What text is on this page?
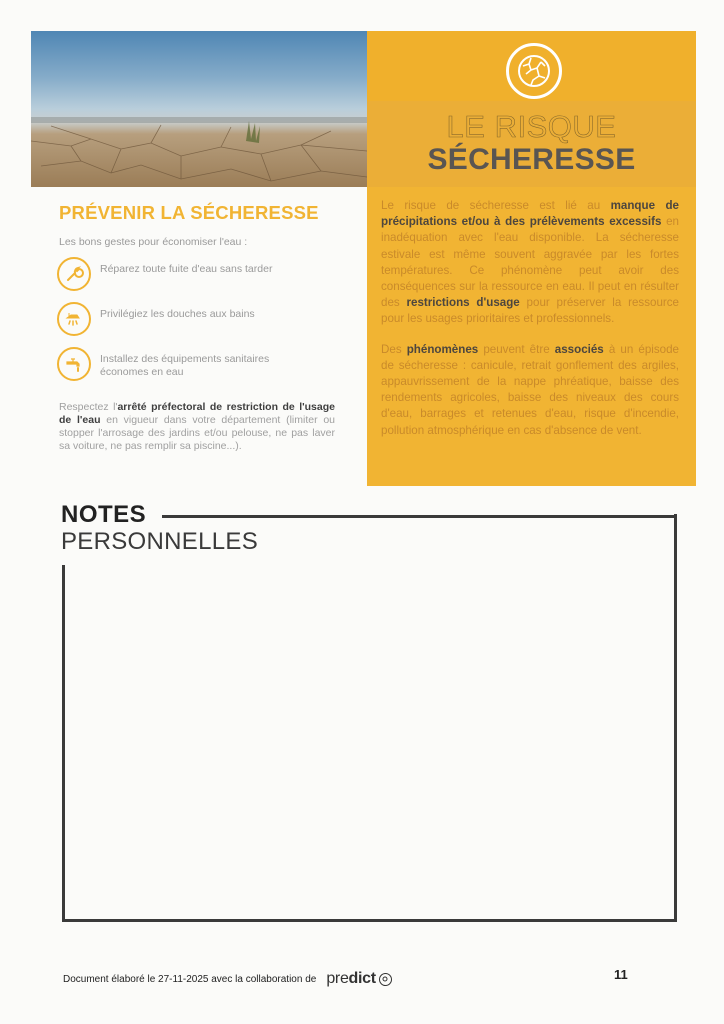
LE RISQUE
SÉCHERESSE

Le risque de sécheresse est lié au manque de précipitations et/ou à des prélèvements excessifs en inadéquation avec l'eau disponible. La sécheresse estivale est même souvent aggravée par les fortes températures. Ce phénomène peut avoir des conséquences sur la ressource en eau. Il peut en résulter des restrictions d'usage pour préserver la ressource pour les usages prioritaires et professionnels.

Des phénomènes peuvent être associés à un épisode de sécheresse : canicule, retrait gonflement des argiles, appauvrissement de la nappe phréatique, baisse des rendements agricoles, baisse des niveaux des cours d'eau, barrages et retenues d'eau, risque d'incendie, pollution atmosphérique en cas d'absence de vent.

PRÉVENIR LA SÉCHERESSE
Les bons gestes pour économiser l'eau :
Réparez toute fuite d'eau sans tarder
Privilégiez les douches aux bains
Installez des équipements sanitaires économes en eau
Respectez l'arrêté préfectoral de restriction de l'usage de l'eau en vigueur dans votre département (limiter ou stopper l'arrosage des jardins et/ou pelouse, ne pas laver sa voiture, ne pas remplir sa piscine...).
NOTES
PERSONNELLES
Document élaboré le 27-11-2025 avec la collaboration de pre dict	11
